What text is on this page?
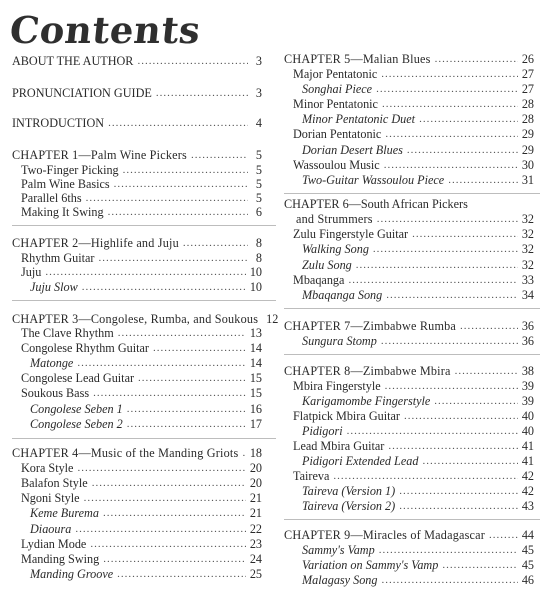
Contents
ABOUT THE AUTHOR .....	3
PRONUNCIATION GUIDE .....	3
INTRODUCTION .....	4
CHAPTER 1—Palm Wine Pickers .....	5
Two-Finger Picking .....	5
Palm Wine Basics .....	5
Parallel 6ths .....	5
Making It Swing .....	6
CHAPTER 2—Highlife and Juju .....	8
Rhythm Guitar .....	8
Juju .....	10
Juju Slow .....	10
CHAPTER 3—Congolese, Rumba, and Soukous 12
The Clave Rhythm .....	13
Congolese Rhythm Guitar .....	14
Matonge .....	14
Congolese Lead Guitar .....	15
Soukous Bass .....	15
Congolese Seben 1 .....	16
Congolese Seben 2 .....	17
CHAPTER 4—Music of the Manding Griots ..... 18
Kora Style .....	20
Balafon Style .....	20
Ngoni Style .....	21
Keme Burema .....	21
Diaoura .....	22
Lydian Mode .....	23
Manding Swing .....	24
Manding Groove .....	25
CHAPTER 5—Malian Blues .....	26
Major Pentatonic .....	27
Songhai Piece .....	27
Minor Pentatonic .....	28
Minor Pentatonic Duet .....	28
Dorian Pentatonic .....	29
Dorian Desert Blues .....	29
Wassoulou Music .....	30
Two-Guitar Wassoulou Piece .....	31
CHAPTER 6—South African Pickers
and Strummers .....	32
Zulu Fingerstyle Guitar .....	32
Walking Song .....	32
Zulu Song .....	32
Mbaqanga .....	33
Mbaqanga Song .....	34
CHAPTER 7—Zimbabwe Rumba .....	36
Sungura Stomp .....	36
CHAPTER 8—Zimbabwe Mbira .....	38
Mbira Fingerstyle .....	39
Karigamombe Fingerstyle .....	39
Flatpick Mbira Guitar .....	40
Pidigori .....	40
Lead Mbira Guitar .....	41
Pidigori Extended Lead .....	41
Taireva .....	42
Taireva (Version 1) .....	42
Taireva (Version 2) .....	43
CHAPTER 9—Miracles of Madagascar .....	44
Sammy's Vamp .....	45
Variation on Sammy's Vamp .....	45
Malagasy Song .....	46
